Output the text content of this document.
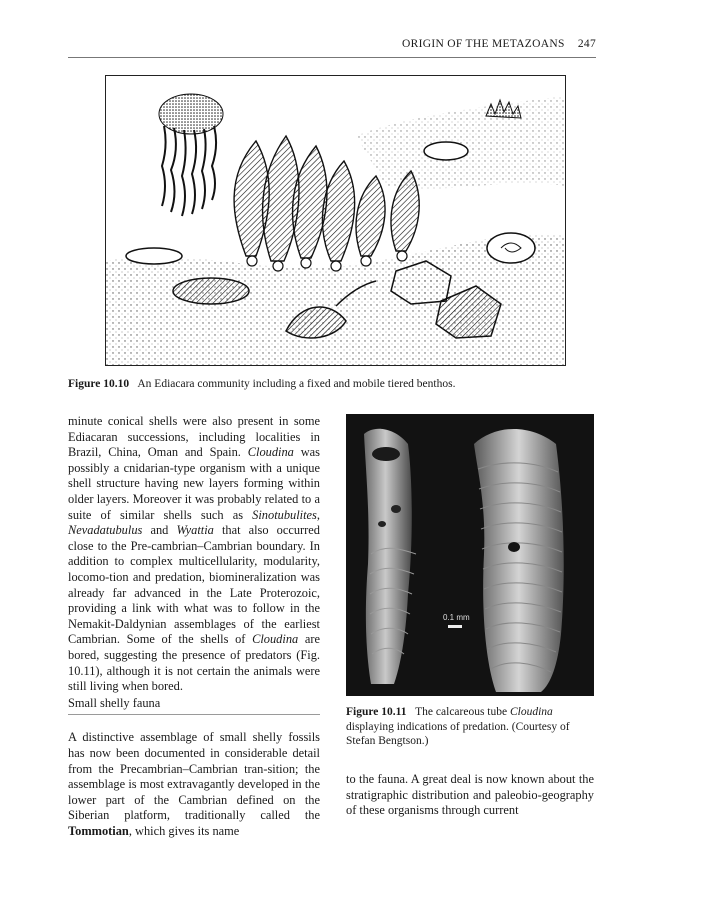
ORIGIN OF THE METAZOANS 247
Figure 10.10 An Ediacara community including a fixed and mobile tiered benthos.

minute conical shells were also present in some Ediacaran successions, including localities in Brazil, China, Oman and Spain. Cloudina was possibly a cnidarian-type organism with a unique shell structure having new layers forming within older layers. Moreover it was probably related to a suite of similar shells such as Sinotubulites, Nevadatubulus and Wyattia that also occurred close to the Pre-cambrian–Cambrian boundary. In addition to complex multicellularity, modularity, locomo-tion and predation, biomineralization was already far advanced in the Late Proterozoic, providing a link with what was to follow in the Nemakit-Daldynian assemblages of the earliest Cambrian. Some of the shells of Cloudina are bored, suggesting the presence of predators (Fig. 10.11), although it is not certain the animals were still living when bored.

Small shelly fauna

A distinctive assemblage of small shelly fossils has now been documented in considerable detail from the Precambrian–Cambrian tran-sition; the assemblage is most extravagantly developed in the lower part of the Cambrian defined on the Siberian platform, traditionally called the Tommotian, which gives its name

0.1 mm
Figure 10.11 The calcareous tube Cloudina displaying indications of predation. (Courtesy of Stefan Bengtson.)

to the fauna. A great deal is now known about the stratigraphic distribution and paleobio-geography of these organisms through current
